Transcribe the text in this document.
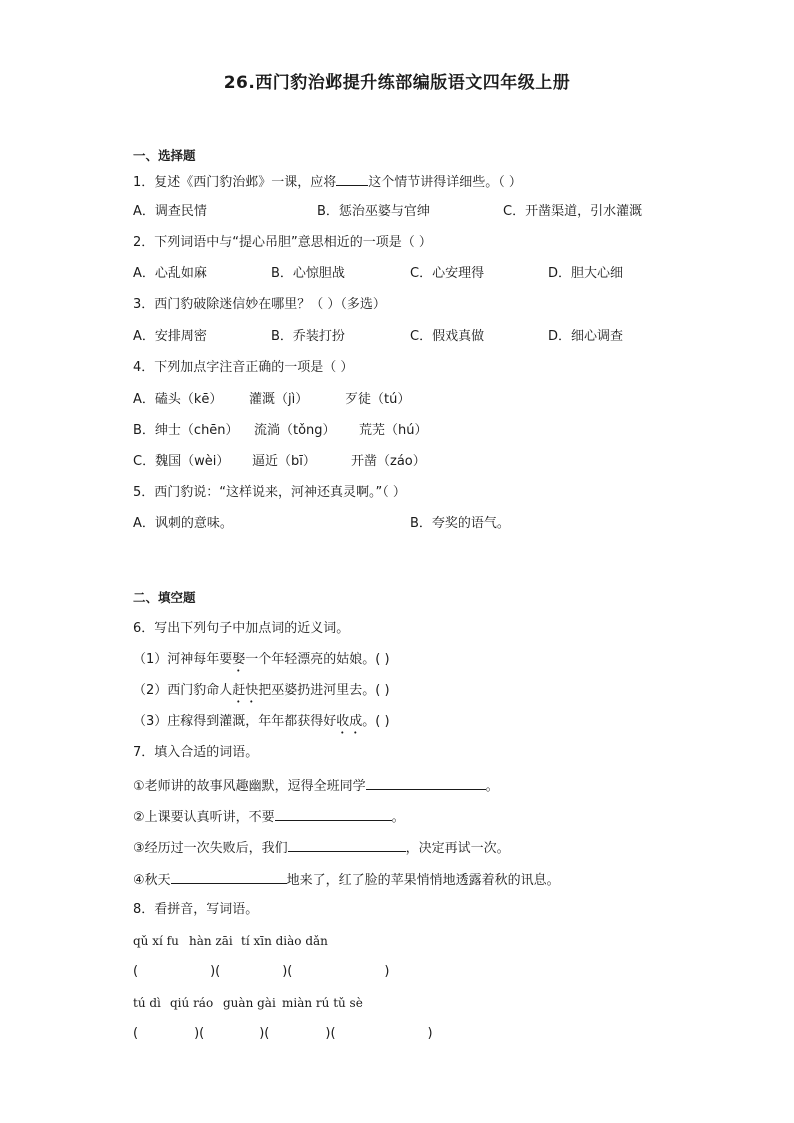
26.西门豹治邺提升练部编版语文四年级上册
一、选择题
1．复述《西门豹治邺》一课，应将 这个情节讲得详细些。（ ）
A．调查民情	B．惩治巫婆与官绅	C．开凿渠道，引水灌溉
2．下列词语中与“提心吊胆”意思相近的一项是（ ）
A．心乱如麻	B．心惊胆战	C．心安理得	D．胆大心细
3．西门豹破除迷信妙在哪里？（ ）（多选）
A．安排周密	B．乔装打扮	C．假戏真做	D．细心调查
4．下列加点字注音正确的一项是（ ）
A．磕头（kē） 灌溉（jì）	歹徒（tú）
B．绅士（chēn） 流淌（tǒng） 荒芜（hú）
C．魏国（wèi） 逼近（bī）	开凿（záo）
5．西门豹说：“这样说来，河神还真灵啊。”（ ）
A．讽刺的意味。	B．夸奖的语气。
二、填空题
6．写出下列句子中加点词的近义词。
（1）河神每年要娶一个年轻漂亮的姑娘。( )
（2）西门豹命人赶快把巫婆扔进河里去。( )
（3）庄稼得到灌溉，年年都获得好收成。( )
7．填入合适的词语。
①老师讲的故事风趣幽默，逗得全班同学	。
②上课要认真听讲，不要	。
③经历过一次失败后，我们	，决定再试一次。
④秋天	地来了，红了脸的苹果悄悄地透露着秋的讯息。
8．看拼音，写词语。
qǔ xí fu hàn zāi tí xīn diào dǎn
(	)(	)(	)
tú dì qiú ráo guàn gài miàn rú tǔ sè
(	)(	)(	)(	)
